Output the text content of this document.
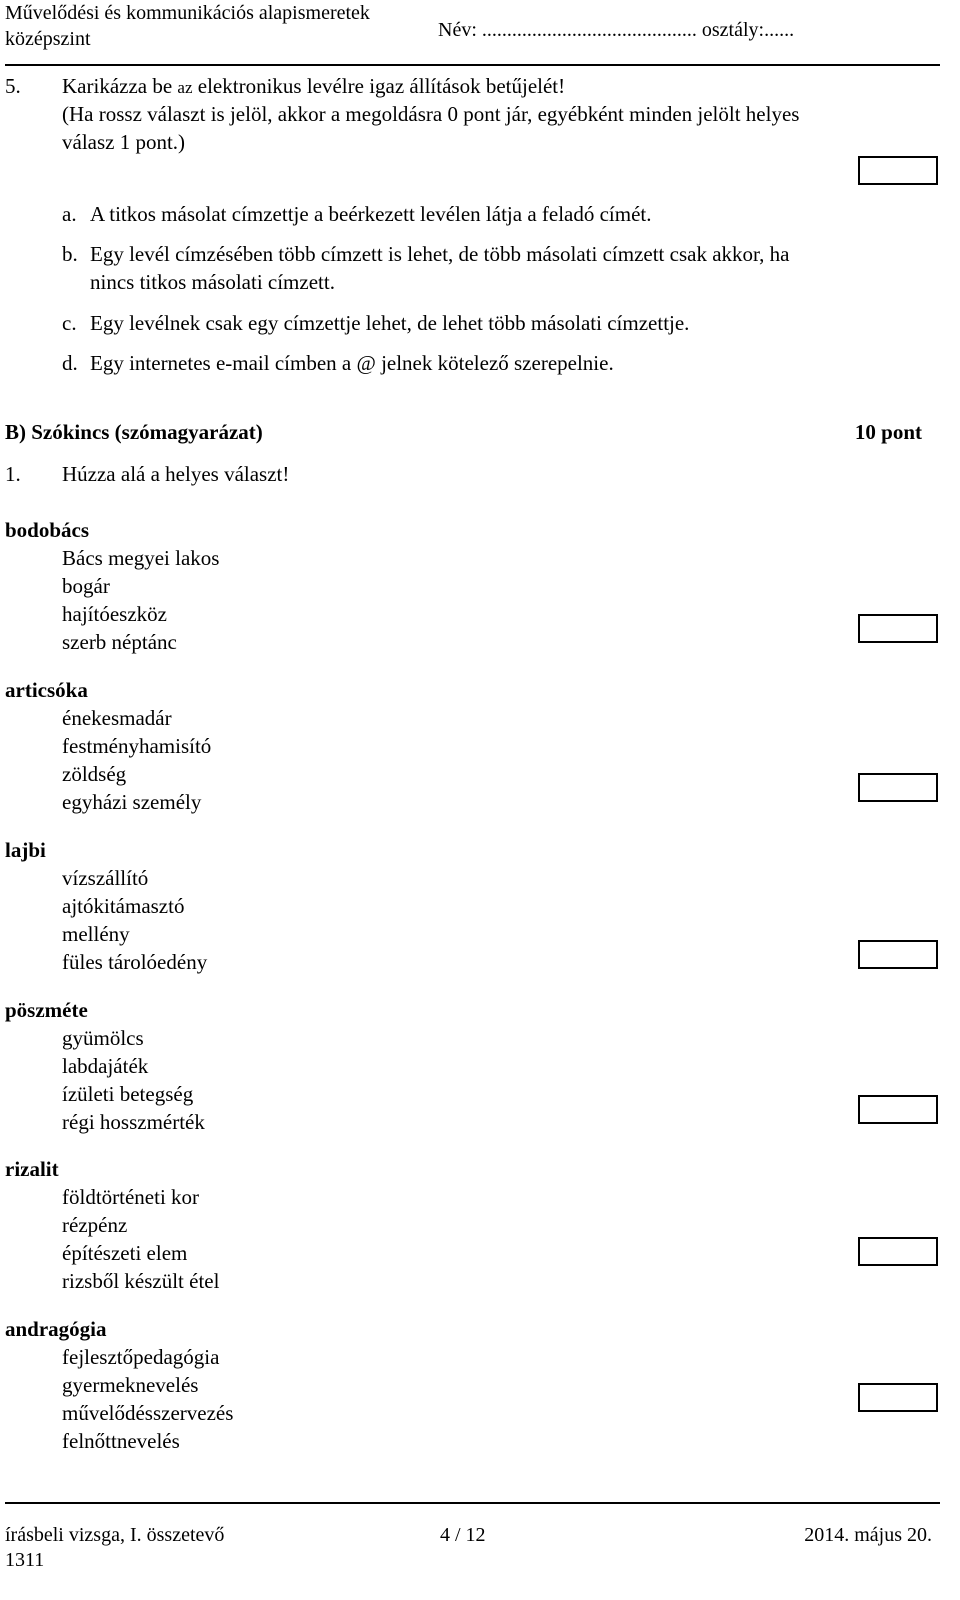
Művelődési és kommunikációs alapismeretek
középszint	Név: ........................................... osztály:......
5. Karikázza be az elektronikus levélre igaz állítások betűjelét!
(Ha rossz választ is jelöl, akkor a megoldásra 0 pont jár, egyébként minden jelölt helyes
válasz 1 pont.)
a. A titkos másolat címzettje a beérkezett levélen látja a feladó címét.
b. Egy levél címzésében több címzett is lehet, de több másolati címzett csak akkor, ha
nincs titkos másolati címzett.
c. Egy levélnek csak egy címzettje lehet, de lehet több másolati címzettje.
d. Egy internetes e-mail címben a @ jelnek kötelező szerepelnie.
B) Szókincs (szómagyarázat)	10 pont
1. Húzza alá a helyes választ!
bodobács
Bács megyei lakos
bogár
hajítóeszköz
szerb néptánc
articsóka
énekesmadár
festményhamisító
zöldség
egyházi személy
lajbi
vízszállító
ajtókitámasztó
mellény
füles tárolóedény
pöszméte
gyümölcs
labdajáték
ízületi betegség
régi hosszmérték
rizalit
földtörténeti kor
rézpénz
építészeti elem
rizsből készült étel
andragógia
fejlesztőpedagógia
gyermeknevelés
művelődésszervezés
felnőttnevelés
írásbeli vizsga, I. összetevő
1311
4 / 12	2014. május 20.
